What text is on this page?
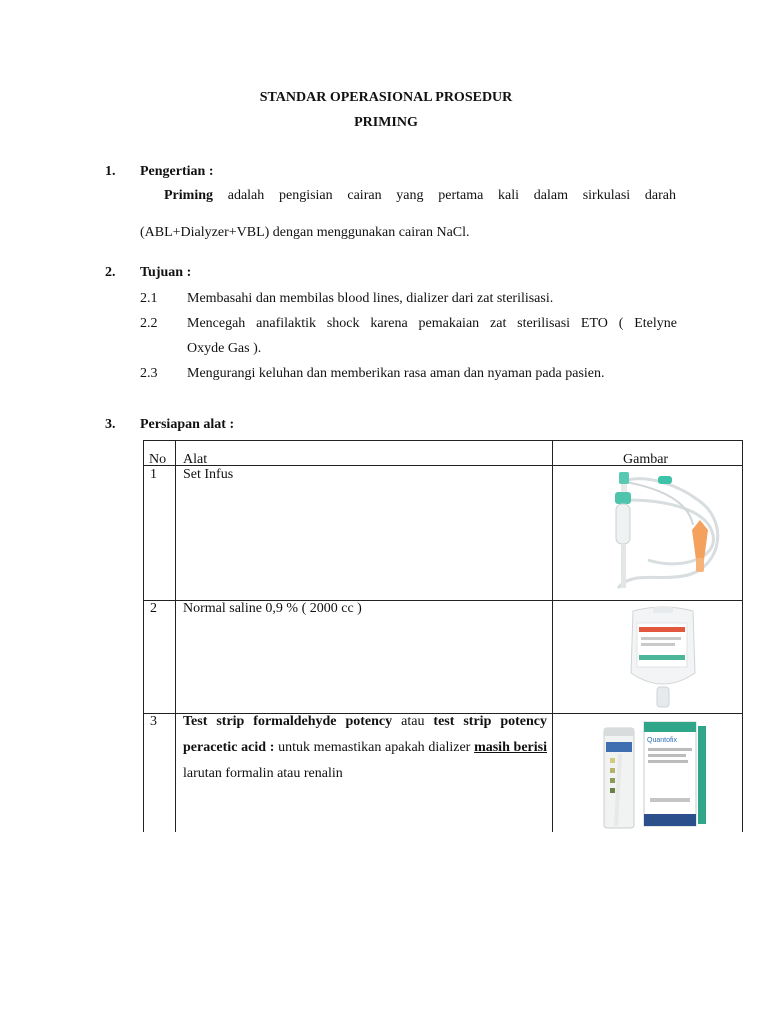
STANDAR OPERASIONAL PROSEDUR
PRIMING
1. Pengertian :
Priming adalah pengisian cairan yang pertama kali dalam sirkulasi darah
(ABL+Dialyzer+VBL) dengan menggunakan cairan NaCl.
2. Tujuan :
2.1 Membasahi dan membilas blood lines, dializer dari zat sterilisasi.
2.2 Mencegah anafilaktik shock karena pemakaian zat sterilisasi ETO ( Etelyne
Oxyde Gas ).
2.3 Mengurangi keluhan dan memberikan rasa aman dan nyaman pada pasien.
3. Persiapan alat :
No Alat	Gambar
1 Set Infus
2 Normal saline 0,9 % ( 2000 cc )
3 Test strip formaldehyde potency atau test strip potency peracetic acid : untuk memastikan apakah dializer masih berisi larutan formalin atau renalin
Quantofix
